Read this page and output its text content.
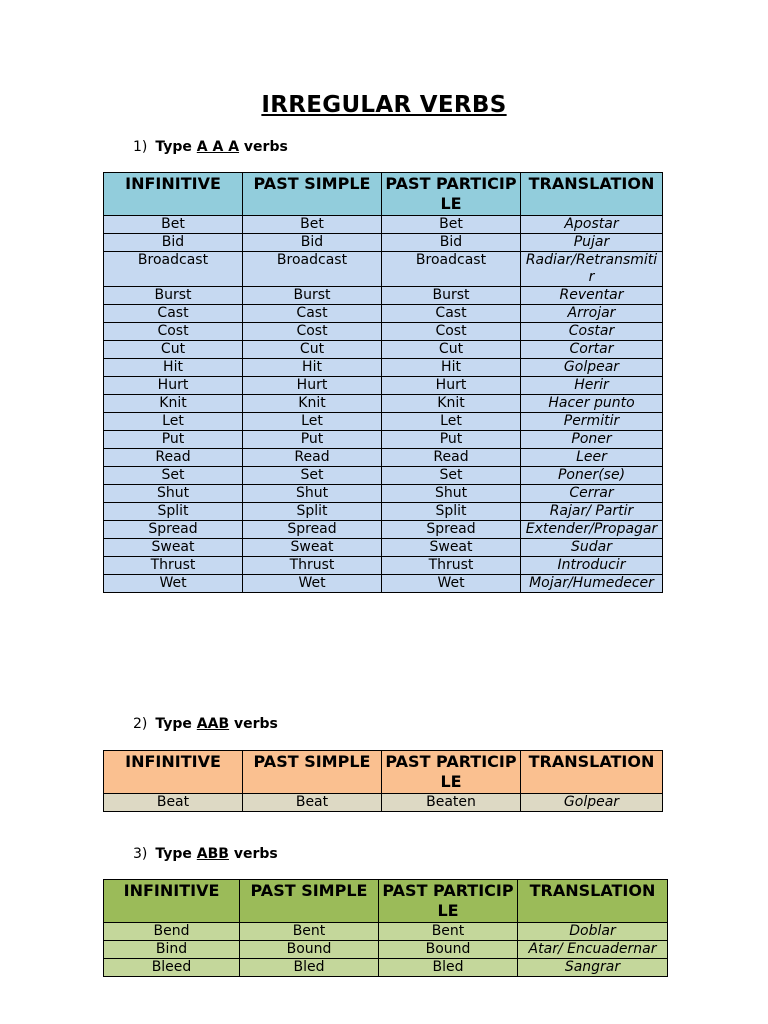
IRREGULAR VERBS
1) Type A A A verbs
INFINITIVE	PAST SIMPLE	PAST PARTICIPLE	TRANSLATION
Bet	Bet	Bet	Apostar
Bid	Bid	Bid	Pujar
Broadcast	Broadcast	Broadcast	Radiar/Retransmitir
Burst	Burst	Burst	Reventar
Cast	Cast	Cast	Arrojar
Cost	Cost	Cost	Costar
Cut	Cut	Cut	Cortar
Hit	Hit	Hit	Golpear
Hurt	Hurt	Hurt	Herir
Knit	Knit	Knit	Hacer punto
Let	Let	Let	Permitir
Put	Put	Put	Poner
Read	Read	Read	Leer
Set	Set	Set	Poner(se)
Shut	Shut	Shut	Cerrar
Split	Split	Split	Rajar/ Partir
Spread	Spread	Spread	Extender/Propagar
Sweat	Sweat	Sweat	Sudar
Thrust	Thrust	Thrust	Introducir
Wet	Wet	Wet	Mojar/Humedecer
2) Type AAB verbs
INFINITIVE	PAST SIMPLE	PAST PARTICIPLE	TRANSLATION
Beat	Beat	Beaten	Golpear
3) Type ABB verbs
INFINITIVE	PAST SIMPLE	PAST PARTICIPLE	TRANSLATION
Bend	Bent	Bent	Doblar
Bind	Bound	Bound	Atar/ Encuadernar
Bleed	Bled	Bled	Sangrar
